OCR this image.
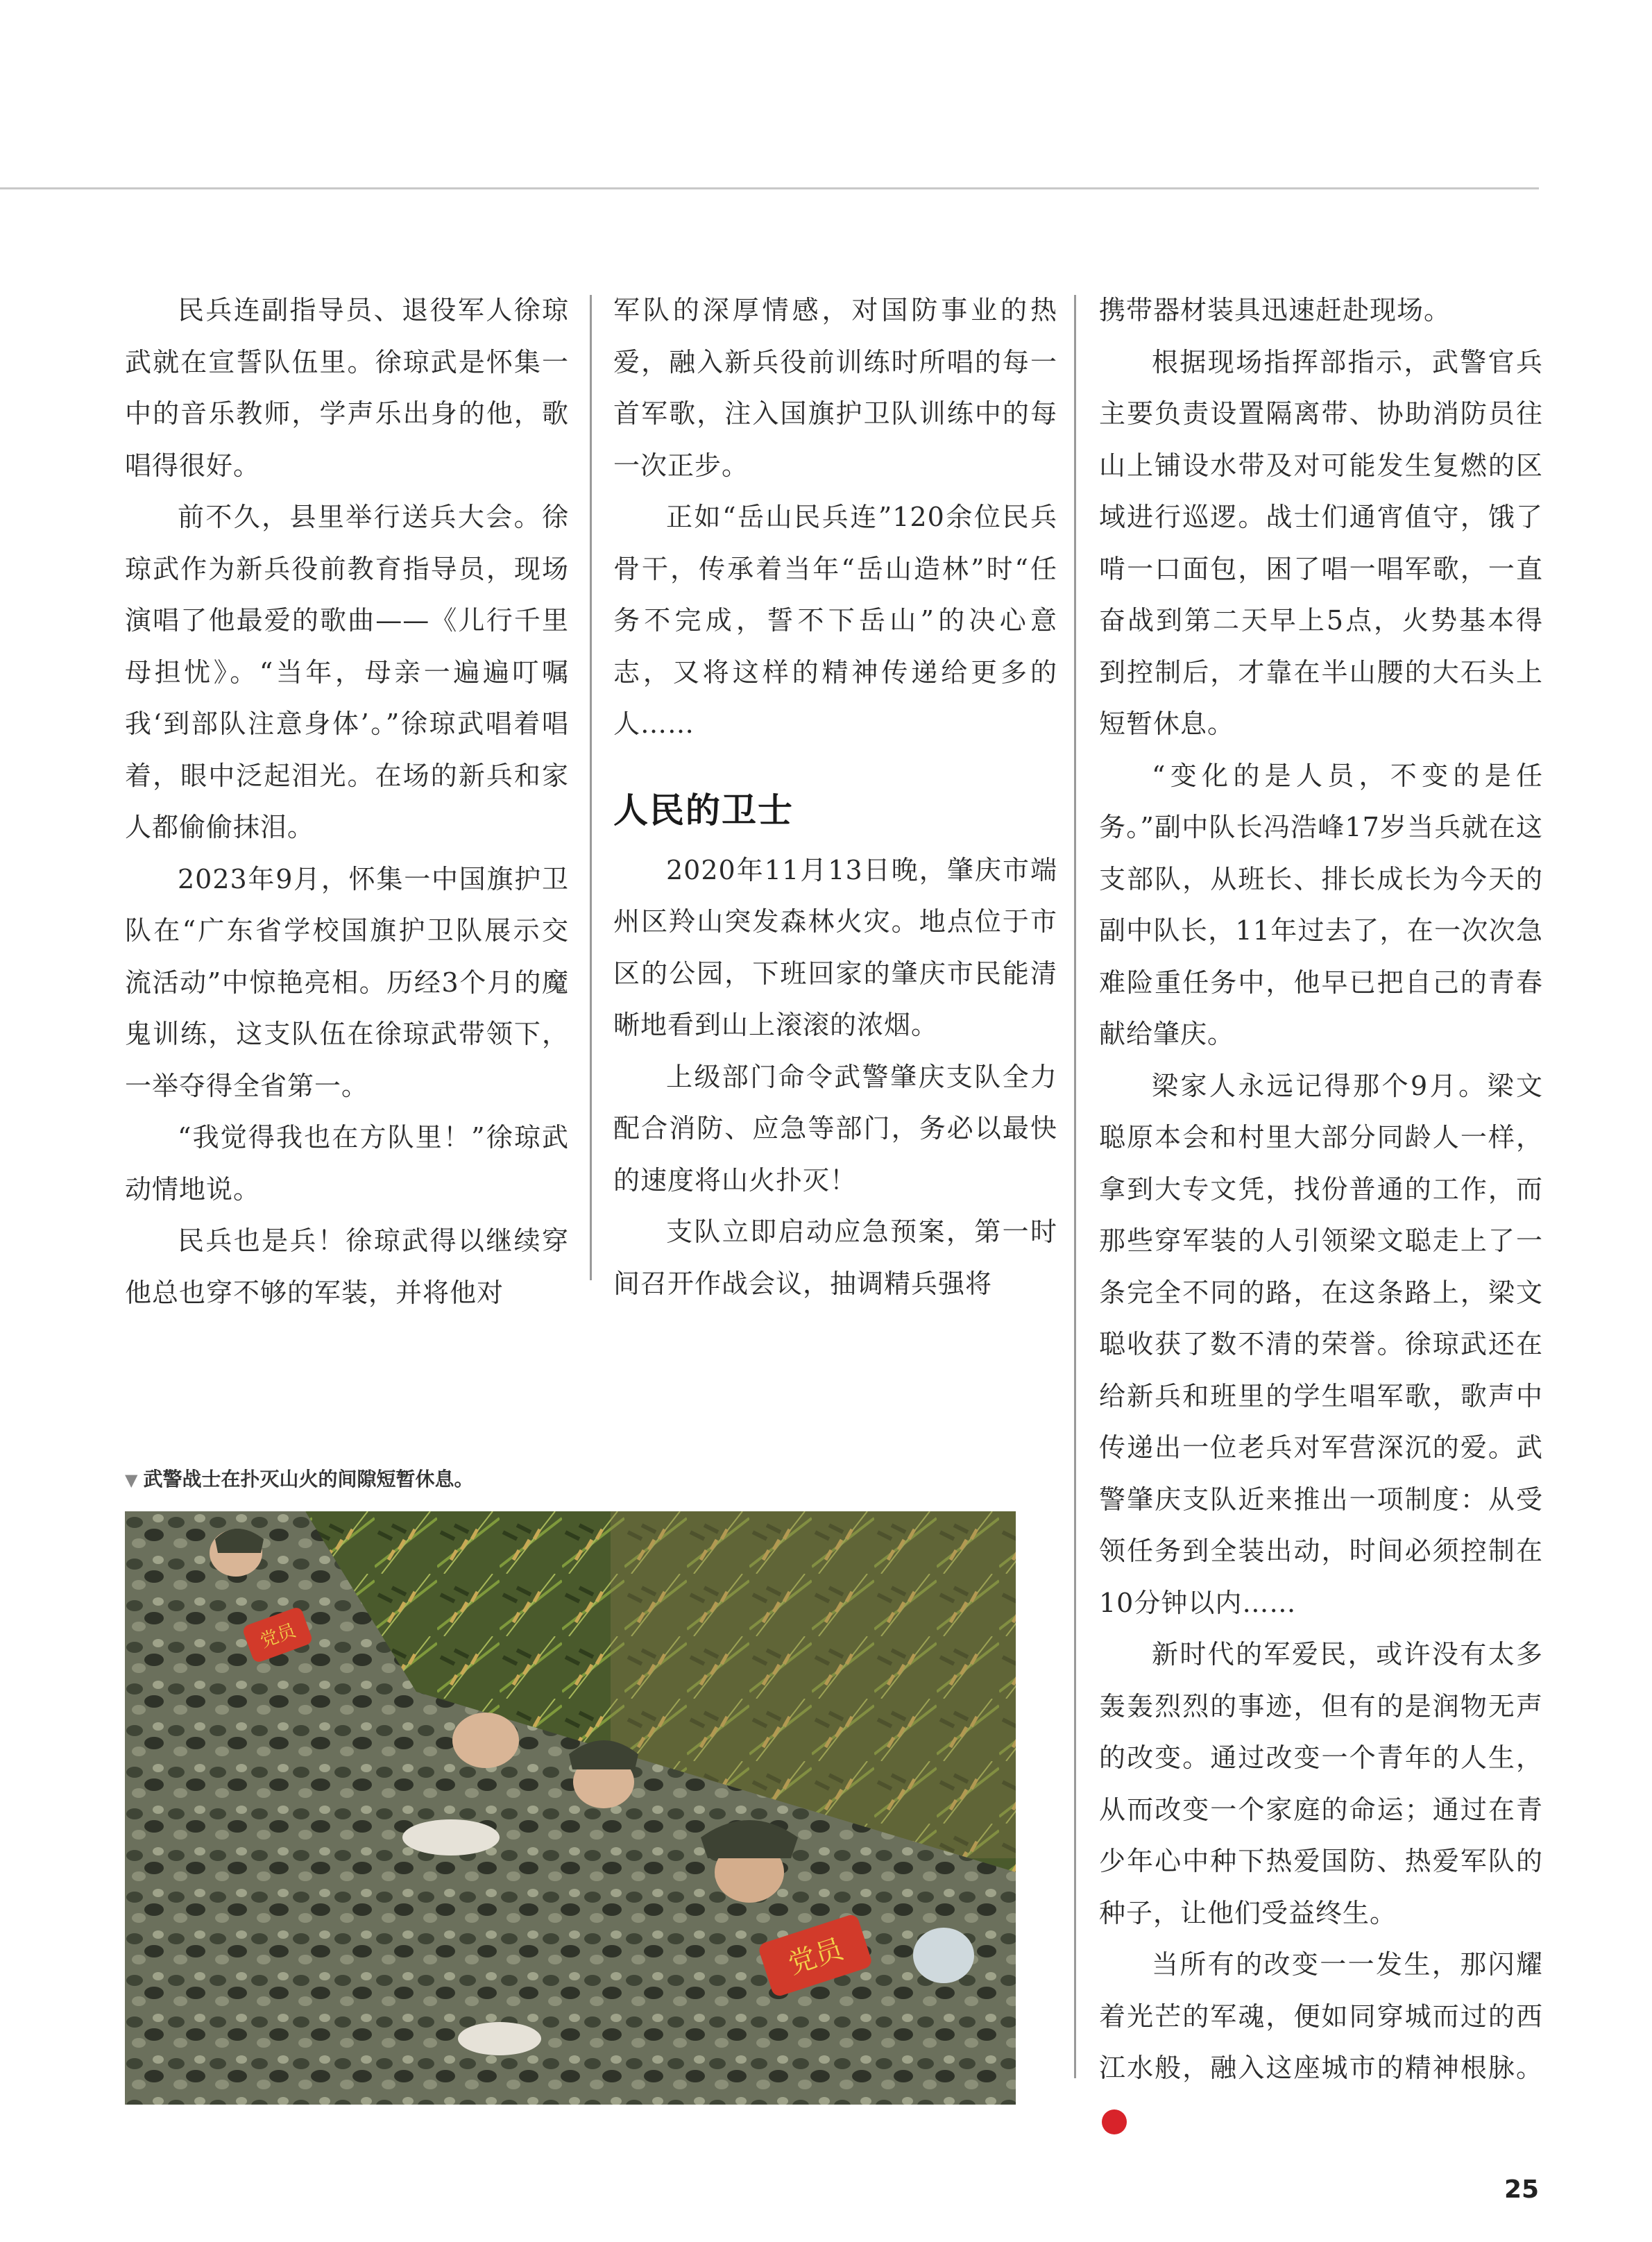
民兵连副指导员、退役军人徐琼武就在宣誓队伍里。徐琼武是怀集一中的音乐教师，学声乐出身的他，歌唱得很好。

前不久，县里举行送兵大会。徐琼武作为新兵役前教育指导员，现场演唱了他最爱的歌曲——《儿行千里母担忧》。“当年，母亲一遍遍叮嘱我‘到部队注意身体’。”徐琼武唱着唱着，眼中泛起泪光。在场的新兵和家人都偷偷抹泪。

2023年9月，怀集一中国旗护卫队在“广东省学校国旗护卫队展示交流活动”中惊艳亮相。历经3个月的魔鬼训练，这支队伍在徐琼武带领下，一举夺得全省第一。

“我觉得我也在方队里！”徐琼武动情地说。

民兵也是兵！徐琼武得以继续穿他总也穿不够的军装，并将他对

军队的深厚情感，对国防事业的热爱，融入新兵役前训练时所唱的每一首军歌，注入国旗护卫队训练中的每一次正步。

正如“岳山民兵连”120余位民兵骨干，传承着当年“岳山造林”时“任务不完成，誓不下岳山”的决心意志，又将这样的精神传递给更多的人……

人民的卫士

2020年11月13日晚，肇庆市端州区羚山突发森林火灾。地点位于市区的公园，下班回家的肇庆市民能清晰地看到山上滚滚的浓烟。

上级部门命令武警肇庆支队全力配合消防、应急等部门，务必以最快的速度将山火扑灭！

支队立即启动应急预案，第一时间召开作战会议，抽调精兵强将

携带器材装具迅速赶赴现场。

根据现场指挥部指示，武警官兵主要负责设置隔离带、协助消防员往山上铺设水带及对可能发生复燃的区域进行巡逻。战士们通宵值守，饿了啃一口面包，困了唱一唱军歌，一直奋战到第二天早上5点，火势基本得到控制后，才靠在半山腰的大石头上短暂休息。

“变化的是人员，不变的是任务。”副中队长冯浩峰17岁当兵就在这支部队，从班长、排长成长为今天的副中队长，11年过去了，在一次次急难险重任务中，他早已把自己的青春献给肇庆。

梁家人永远记得那个9月。梁文聪原本会和村里大部分同龄人一样，拿到大专文凭，找份普通的工作，而那些穿军装的人引领梁文聪走上了一条完全不同的路，在这条路上，梁文聪收获了数不清的荣誉。徐琼武还在给新兵和班里的学生唱军歌，歌声中传递出一位老兵对军营深沉的爱。武警肇庆支队近来推出一项制度：从受领任务到全装出动，时间必须控制在10分钟以内……

新时代的军爱民，或许没有太多轰轰烈烈的事迹，但有的是润物无声的改变。通过改变一个青年的人生，从而改变一个家庭的命运；通过在青少年心中种下热爱国防、热爱军队的种子，让他们受益终生。

当所有的改变一一发生，那闪耀着光芒的军魂，便如同穿城而过的西江水般，融入这座城市的精神根脉。N

▼ 武警战士在扑灭山火的间隙短暂休息。
党员
党员
25
